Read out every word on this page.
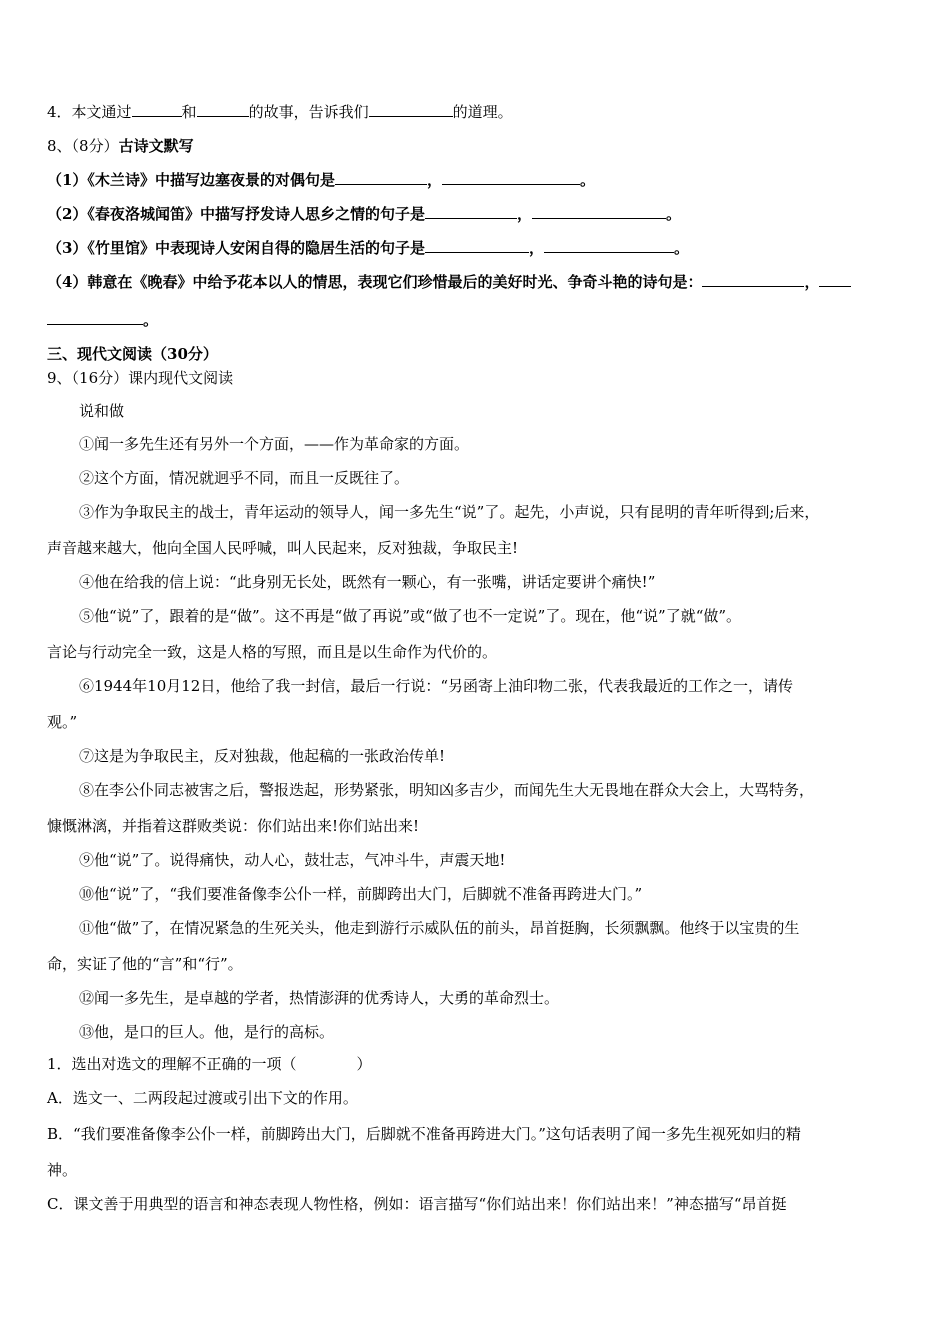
4．本文通过	和	的故事，告诉我们	的道理。
8、（8分）古诗文默写
（1）《木兰诗》中描写边塞夜景的对偶句是	，	。
（2）《春夜洛城闻笛》中描写抒发诗人思乡之情的句子是	，	。
（3）《竹里馆》中表现诗人安闲自得的隐居生活的句子是	，	。
（4）韩意在《晚春》中给予花本以人的情思，表现它们珍惜最后的美好时光、争奇斗艳的诗句是：	，
。
三、现代文阅读（30分）
9、（16分）课内现代文阅读
说和做
①闻一多先生还有另外一个方面，——作为革命家的方面。
②这个方面，情况就迥乎不同，而且一反既往了。
③作为争取民主的战士，青年运动的领导人，闻一多先生“说”了。起先，小声说，只有昆明的青年听得到;后来，
声音越来越大，他向全国人民呼喊，叫人民起来，反对独裁，争取民主!
④他在给我的信上说：“此身别无长处，既然有一颗心，有一张嘴，讲话定要讲个痛快!”
⑤他“说”了，跟着的是“做”。这不再是“做了再说”或“做了也不一定说”了。现在，他“说”了就“做”。
言论与行动完全一致，这是人格的写照，而且是以生命作为代价的。
⑥1944年10月12日，他给了我一封信，最后一行说：“另函寄上油印物二张，代表我最近的工作之一，请传
观。”
⑦这是为争取民主，反对独裁，他起稿的一张政治传单!
⑧在李公仆同志被害之后，警报迭起，形势紧张，明知凶多吉少，而闻先生大无畏地在群众大会上，大骂特务，
慷慨淋漓，并指着这群败类说：你们站出来!你们站出来!
⑨他“说”了。说得痛快，动人心，鼓壮志，气冲斗牛，声震天地!
⑩他“说”了，“我们要准备像李公仆一样，前脚跨出大门，后脚就不准备再跨进大门。”
⑪他“做”了，在情况紧急的生死关头，他走到游行示威队伍的前头，昂首挺胸，长须飘飘。他终于以宝贵的生
命，实证了他的“言”和“行”。
⑫闻一多先生，是卓越的学者，热情澎湃的优秀诗人，大勇的革命烈士。
⑬他，是口的巨人。他，是行的高标。
1．选出对选文的理解不正确的一项（　　　　）
A．选文一、二两段起过渡或引出下文的作用。
B．“我们要准备像李公仆一样，前脚跨出大门，后脚就不准备再跨进大门。”这句话表明了闻一多先生视死如归的精
神。
C．课文善于用典型的语言和神态表现人物性格，例如：语言描写“你们站出来！你们站出来！”神态描写“昂首挺
